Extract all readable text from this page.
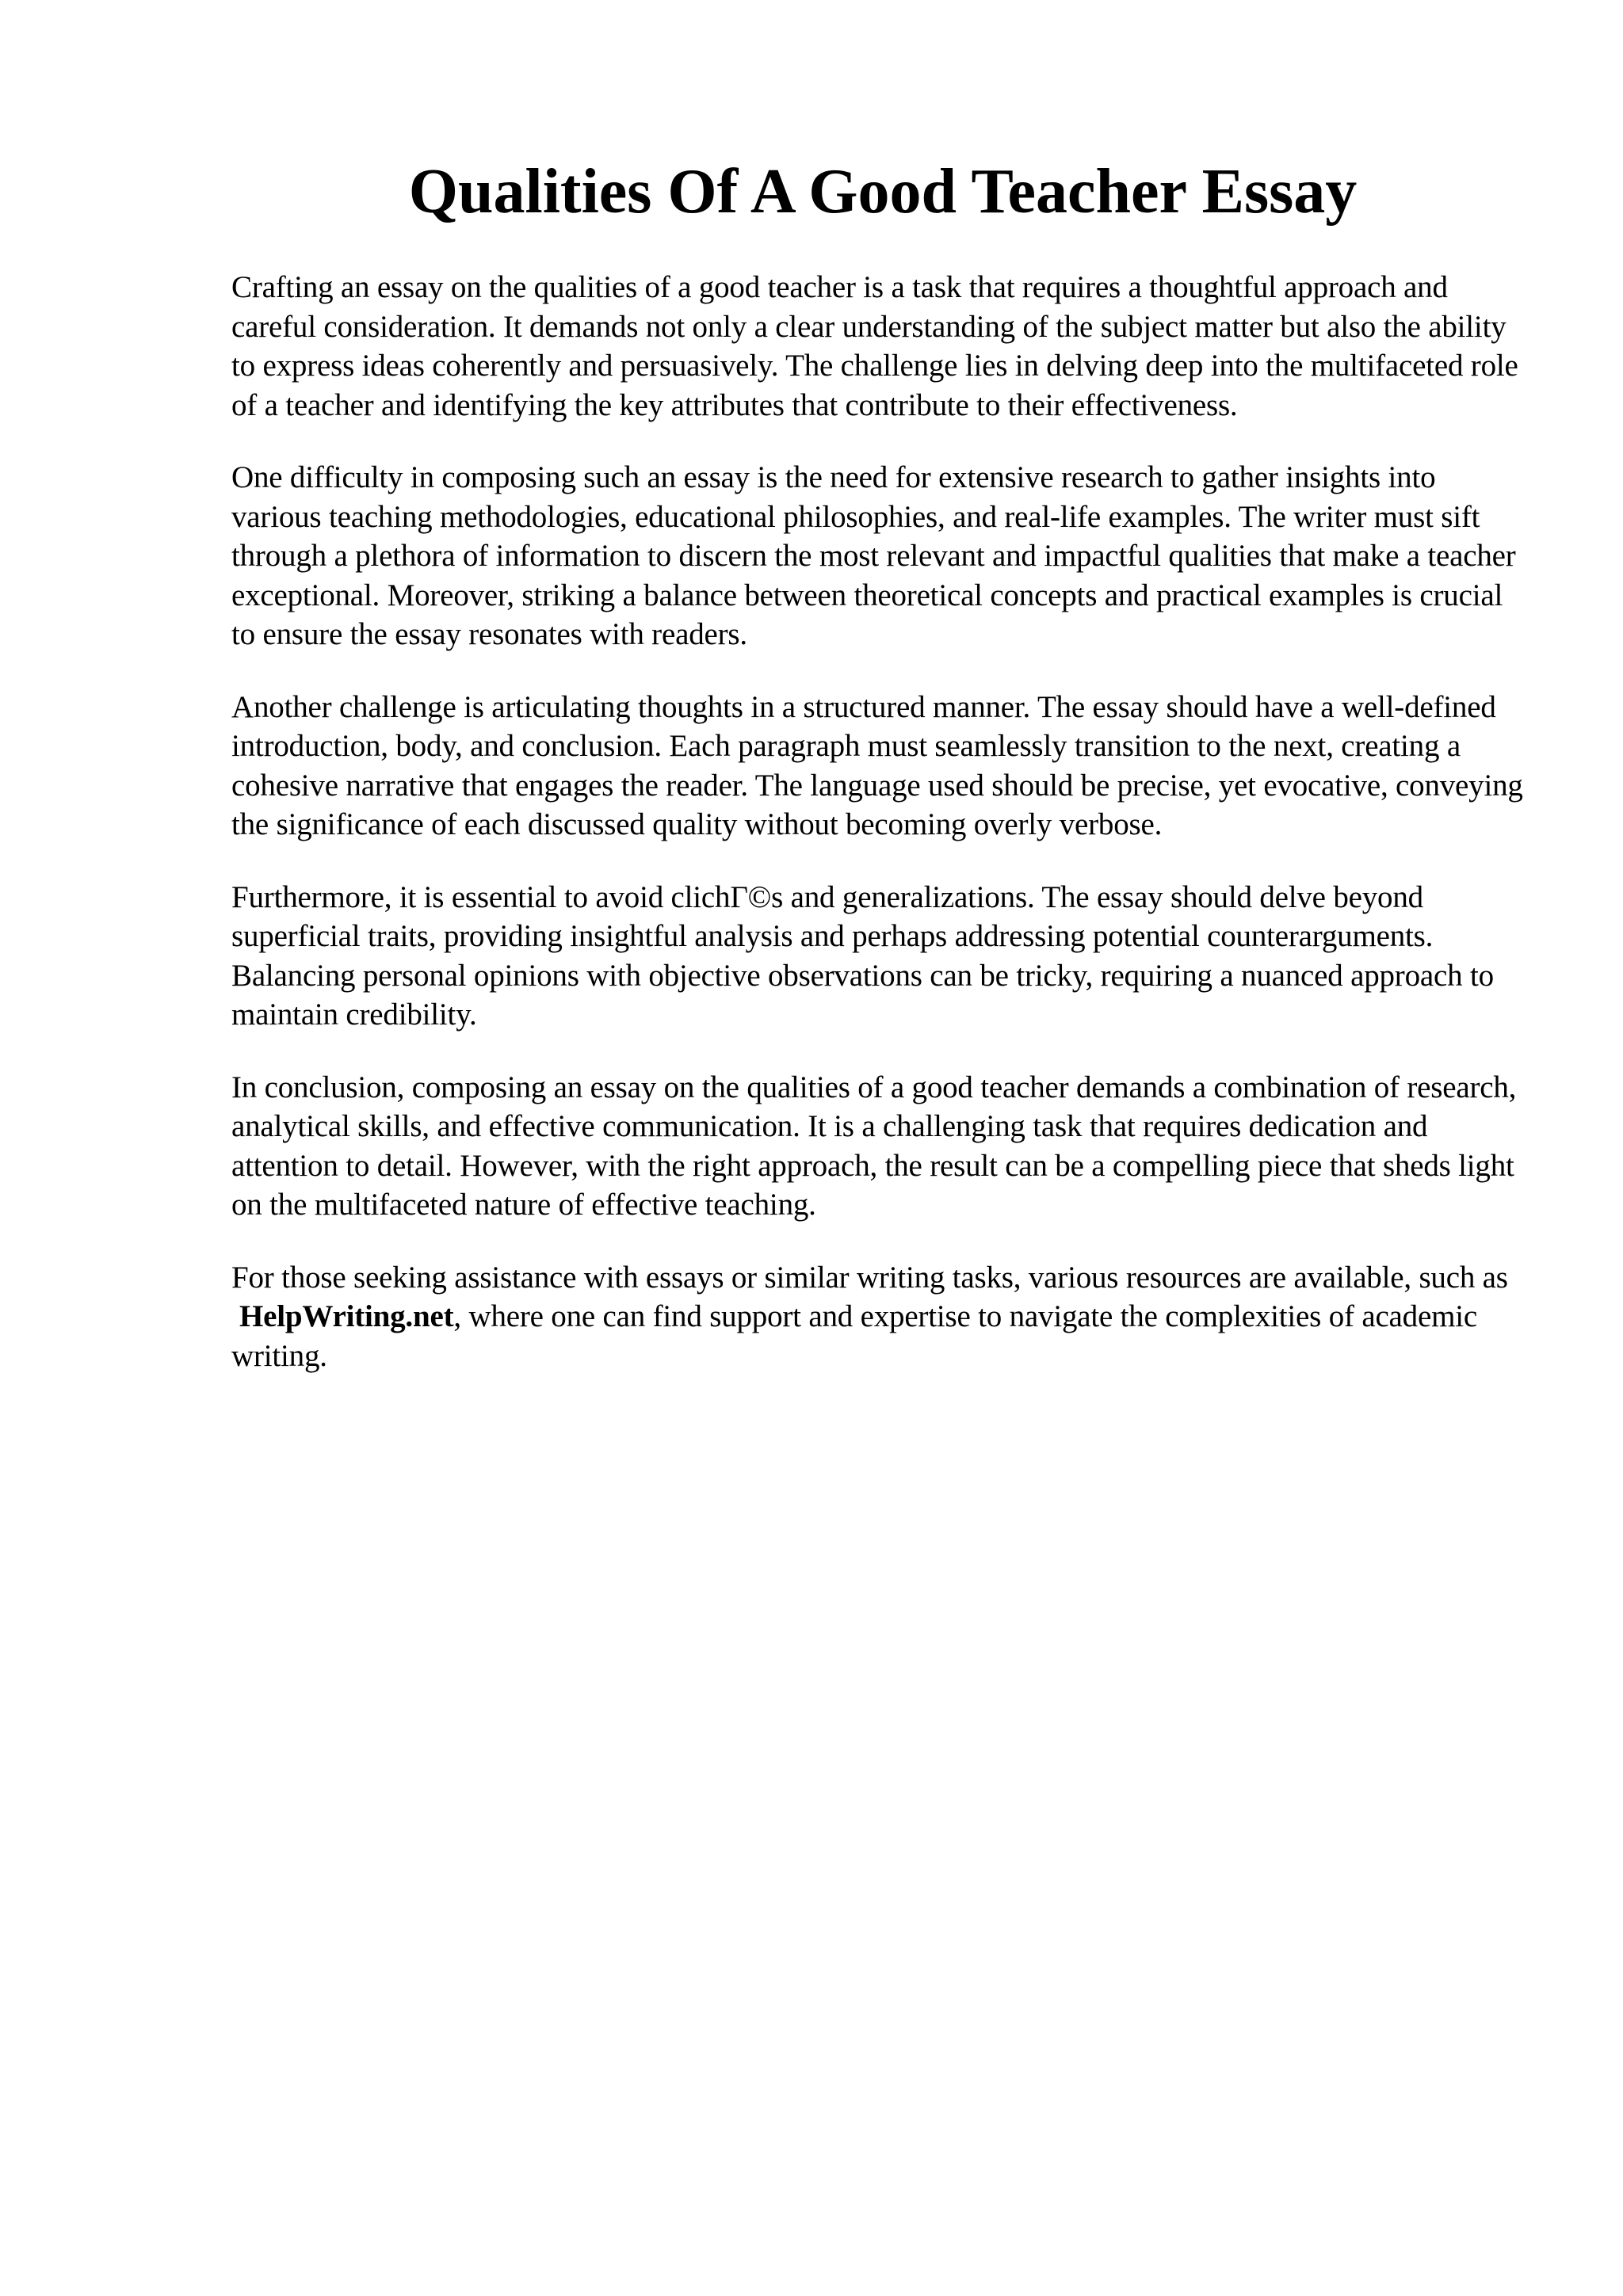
Qualities Of A Good Teacher Essay

Crafting an essay on the qualities of a good teacher is a task that requires a thoughtful approach and careful consideration. It demands not only a clear understanding of the subject matter but also the ability to express ideas coherently and persuasively. The challenge lies in delving deep into the multifaceted role of a teacher and identifying the key attributes that contribute to their effectiveness.

One difficulty in composing such an essay is the need for extensive research to gather insights into various teaching methodologies, educational philosophies, and real-life examples. The writer must sift through a plethora of information to discern the most relevant and impactful qualities that make a teacher exceptional. Moreover, striking a balance between theoretical concepts and practical examples is crucial to ensure the essay resonates with readers.

Another challenge is articulating thoughts in a structured manner. The essay should have a well-defined introduction, body, and conclusion. Each paragraph must seamlessly transition to the next, creating a cohesive narrative that engages the reader. The language used should be precise, yet evocative, conveying the significance of each discussed quality without becoming overly verbose.

Furthermore, it is essential to avoid clichГ©s and generalizations. The essay should delve beyond superficial traits, providing insightful analysis and perhaps addressing potential counterarguments. Balancing personal opinions with objective observations can be tricky, requiring a nuanced approach to maintain credibility.

In conclusion, composing an essay on the qualities of a good teacher demands a combination of research, analytical skills, and effective communication. It is a challenging task that requires dedication and attention to detail. However, with the right approach, the result can be a compelling piece that sheds light on the multifaceted nature of effective teaching.

For those seeking assistance with essays or similar writing tasks, various resources are available, such as HelpWriting.net, where one can find support and expertise to navigate the complexities of academic writing.
